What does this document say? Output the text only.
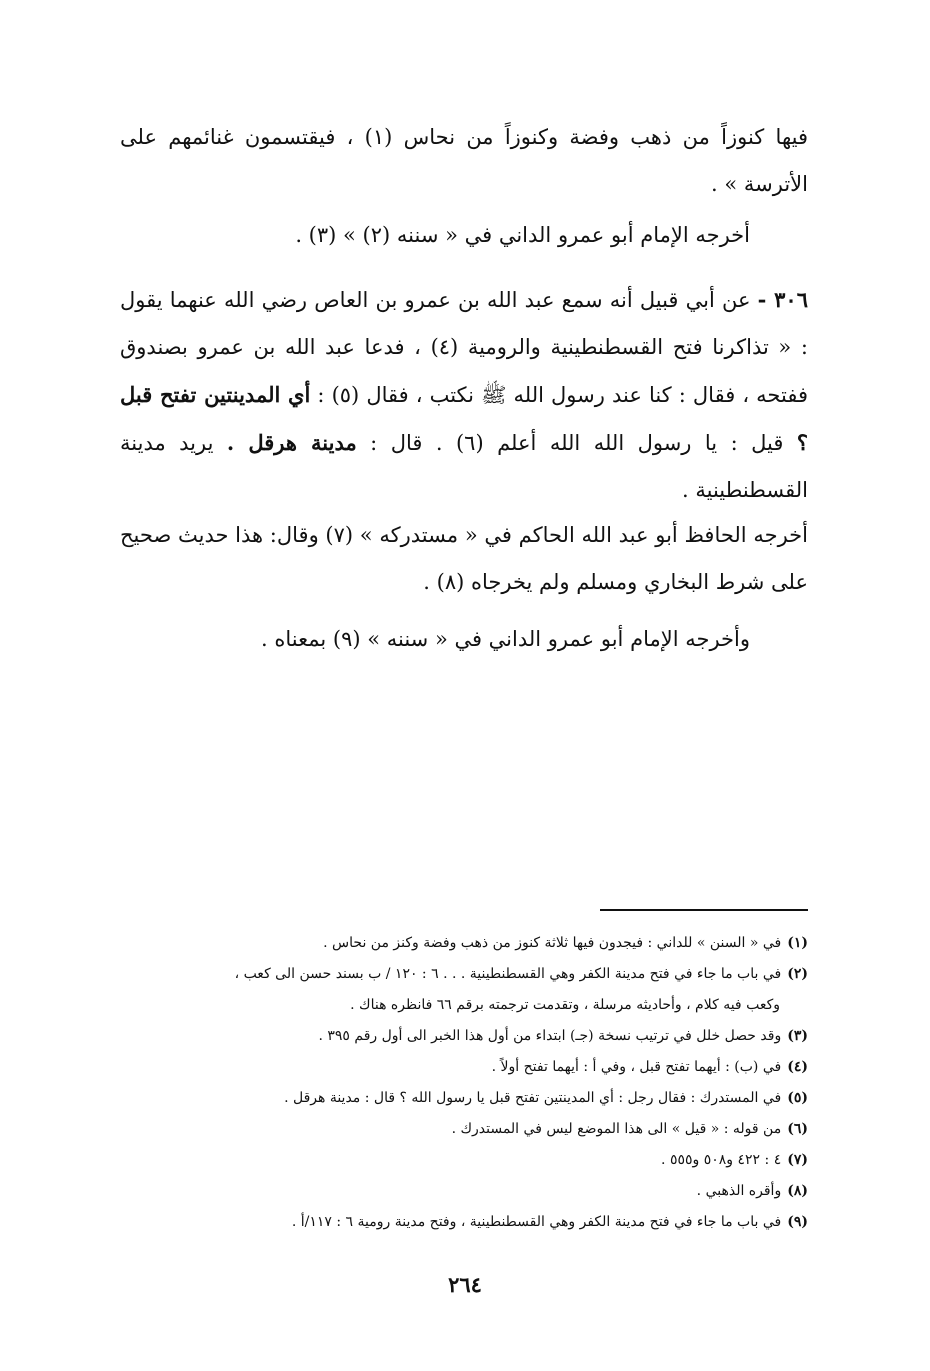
فيها كنوزاً من ذهب وفضة وكنوزاً من نحاس (١) ، فيقتسمون غنائمهم على الأترسة » .

أخرجه الإمام أبو عمرو الداني في « سننه (٢) » (٣) .

٣٠٦ - عن أبي قبيل أنه سمع عبد الله بن عمرو بن العاص رضي الله عنهما يقول : « تذاكرنا فتح القسطنطينية والرومية (٤) ، فدعا عبد الله بن عمرو بصندوق ففتحه ، فقال : كنا عند رسول الله ﷺ نكتب ، فقال (٥) : أي المدينتين تفتح قبل ؟ قيل : يا رسول الله الله أعلم (٦) . قال : مدينة هرقل . يريد مدينة القسطنطينية .

أخرجه الحافظ أبو عبد الله الحاكم في « مستدركه » (٧) وقال: هذا حديث صحيح على شرط البخاري ومسلم ولم يخرجاه (٨) .

وأخرجه الإمام أبو عمرو الداني في « سننه » (٩) بمعناه .

(١)في « السنن » للداني : فيجدون فيها ثلاثة كنوز من ذهب وفضة وكنز من نحاس .

(٢)في باب ما جاء في فتح مدينة الكفر وهي القسطنطينية . . . ٦ : ١٢٠ / ب بسند حسن الى كعب ،

وكعب فيه كلام ، وأحاديثه مرسلة ، وتقدمت ترجمته برقم ٦٦ فانظره هناك .

(٣)وقد حصل خلل في ترتيب نسخة (جـ) ابتداء من أول هذا الخبر الى أول رقم ٣٩٥ .

(٤)في (ب) : أيهما تفتح قبل ، وفي أ : أيهما تفتح أولاً .

(٥)في المستدرك : فقال رجل : أي المدينتين تفتح قبل يا رسول الله ؟ قال : مدينة هرقل .

(٦)من قوله : « قيل » الى هذا الموضع ليس في المستدرك .

(٧)٤ : ٤٢٢ و٥٠٨ و٥٥٥ .

(٨)وأقره الذهبي .

(٩)في باب ما جاء في فتح مدينة الكفر وهي القسطنطينية ، وفتح مدينة رومية ٦ : ١١٧/أ .

٢٦٤
